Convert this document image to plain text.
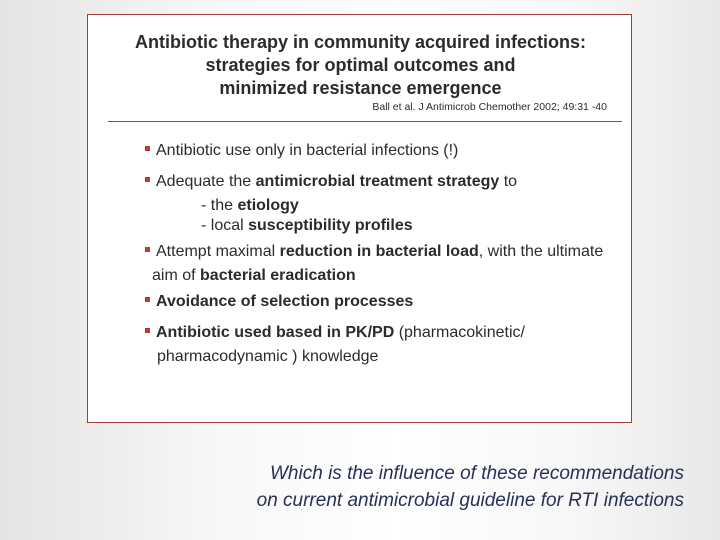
Antibiotic therapy in community acquired infections:
strategies for optimal outcomes and
minimized resistance emergence
Ball et al. J Antimicrob Chemother 2002; 49:31 -40
Antibiotic use only in bacterial infections (!)
Adequate the antimicrobial treatment strategy to
- the etiology
- local susceptibility profiles
Attempt maximal reduction in bacterial load, with the ultimate
aim of bacterial eradication
Avoidance of selection processes
Antibiotic used based in PK/PD (pharmacokinetic/
pharmacodynamic ) knowledge
Which is the influence of these recommendations
on current antimicrobial guideline for RTI infections
